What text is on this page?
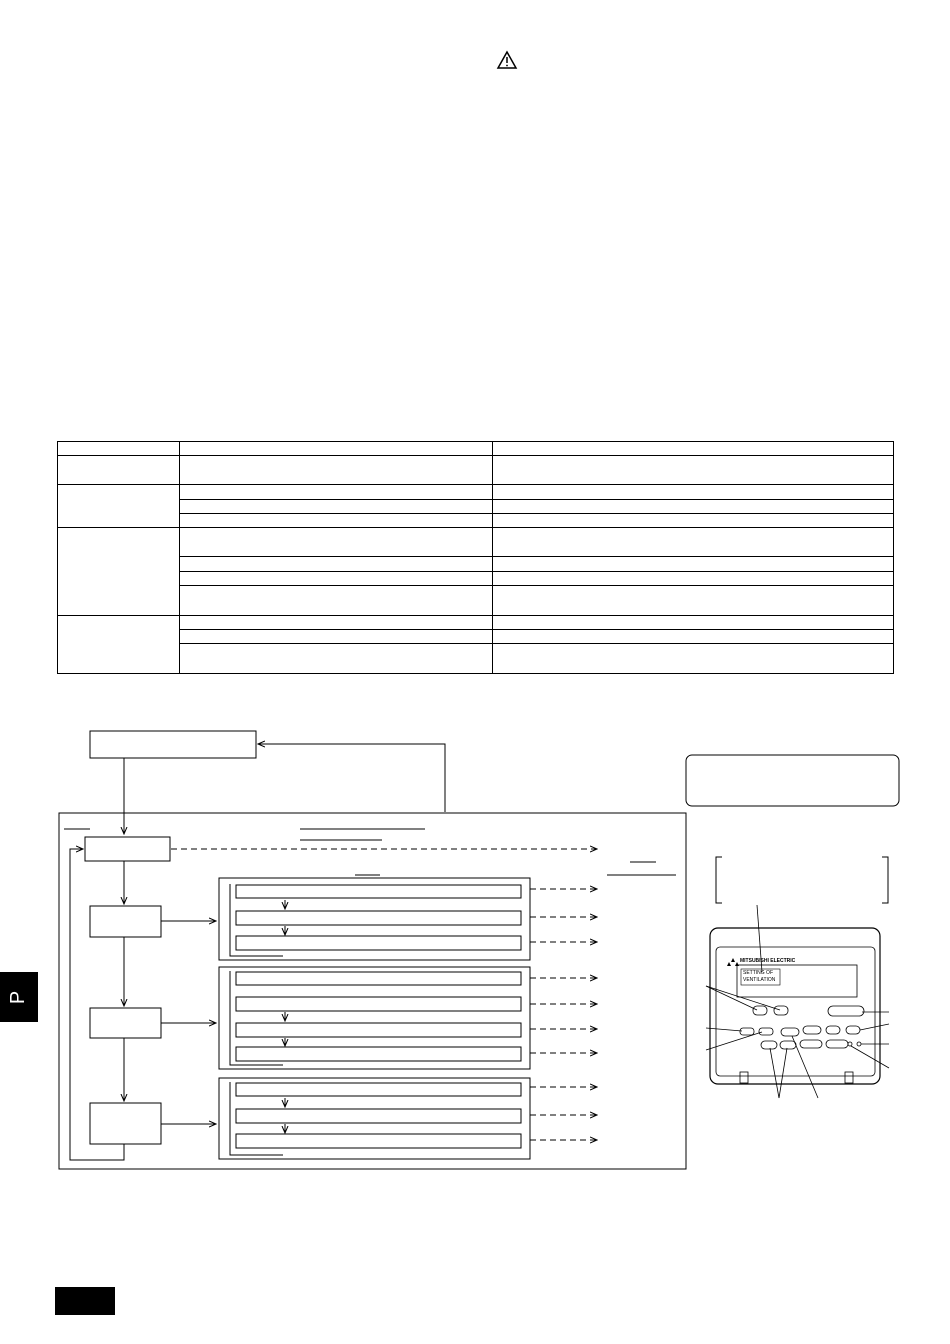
MITSUBISHI ELECTRIC
SETTING OF
VENTILATION
P
